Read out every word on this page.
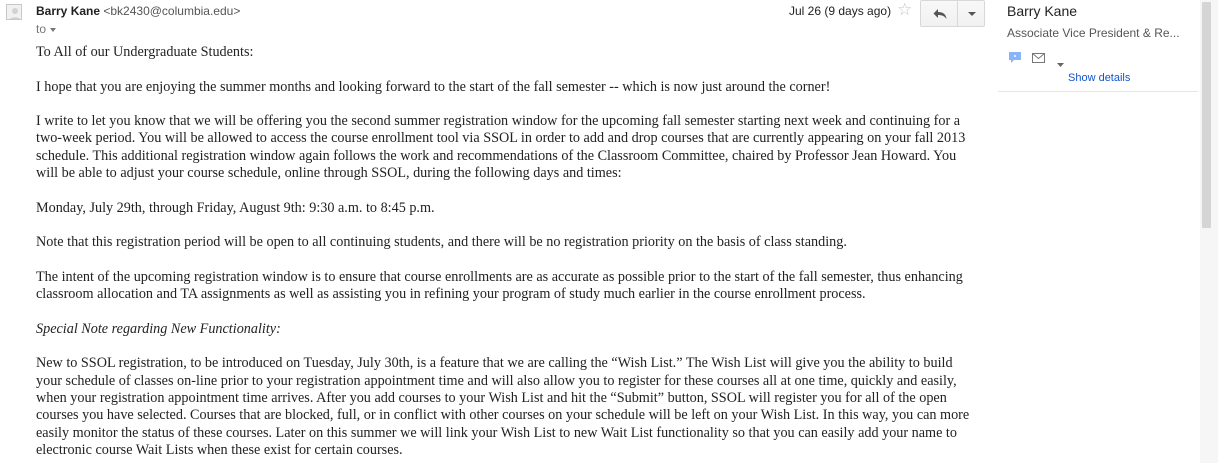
Barry Kane <bk2430@columbia.edu>
to
Jul 26 (9 days ago) ☆

To All of our Undergraduate Students:

I hope that you are enjoying the summer months and looking forward to the start of the fall semester -- which is now just around the corner!

I write to let you know that we will be offering you the second summer registration window for the upcoming fall semester starting next week and continuing for a two-week period. You will be allowed to access the course enrollment tool via SSOL in order to add and drop courses that are currently appearing on your fall 2013 schedule. This additional registration window again follows the work and recommendations of the Classroom Committee, chaired by Professor Jean Howard. You will be able to adjust your course schedule, online through SSOL, during the following days and times:

Monday, July 29th, through Friday, August 9th: 9:30 a.m. to 8:45 p.m.

Note that this registration period will be open to all continuing students, and there will be no registration priority on the basis of class standing.

The intent of the upcoming registration window is to ensure that course enrollments are as accurate as possible prior to the start of the fall semester, thus enhancing classroom allocation and TA assignments as well as assisting you in refining your program of study much earlier in the course enrollment process.

Special Note regarding New Functionality:

New to SSOL registration, to be introduced on Tuesday, July 30th, is a feature that we are calling the “Wish List.” The Wish List will give you the ability to build your schedule of classes on-line prior to your registration appointment time and will also allow you to register for these courses all at one time, quickly and easily, when your registration appointment time arrives. After you add courses to your Wish List and hit the “Submit” button, SSOL will register you for all of the open courses you have selected. Courses that are blocked, full, or in conflict with other courses on your schedule will be left on your Wish List. In this way, you can more easily monitor the status of these courses. Later on this summer we will link your Wish List to new Wait List functionality so that you can easily add your name to electronic course Wait Lists when these exist for certain courses.

Barry Kane
Associate Vice President & Re...
Show details
